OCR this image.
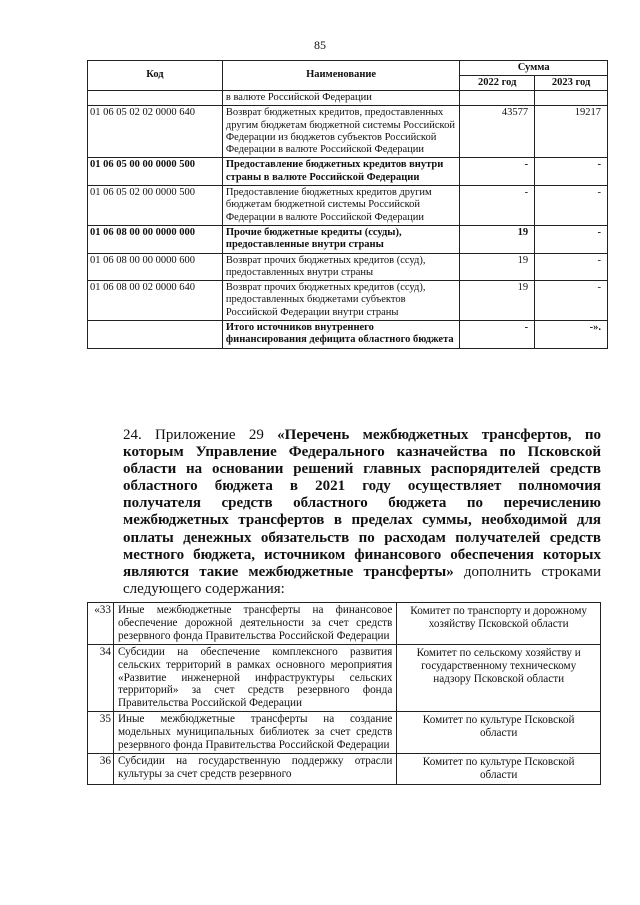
85
Код	Наименование	Сумма	
		2022 год	2023 год
	в валюте Российской Федерации		
01 06 05 02 02 0000 640	Возврат бюджетных кредитов, предоставленных другим бюджетам бюджетной системы Российской Федерации из бюджетов субъектов Российской Федерации в валюте Российской Федерации	43577	19217
01 06 05 00 00 0000 500	Предоставление бюджетных кредитов внутри страны в валюте Российской Федерации	-	-
01 06 05 02 00 0000 500	Предоставление бюджетных кредитов другим бюджетам бюджетной системы Российской Федерации в валюте Российской Федерации	-	-
01 06 08 00 00 0000 000	Прочие бюджетные кредиты (ссуды), предоставленные внутри страны	19	-
01 06 08 00 00 0000 600	Возврат прочих бюджетных кредитов (ссуд), предоставленных внутри страны	19	-
01 06 08 00 02 0000 640	Возврат прочих бюджетных кредитов (ссуд), предоставленных бюджетами субъектов Российской Федерации внутри страны	19	-
	Итого источников внутреннего финансирования дефицита областного бюджета	-	-».
24. Приложение 29 «Перечень межбюджетных трансфертов, по которым Управление Федерального казначейства по Псковской области на основании решений главных распорядителей средств областного бюджета в 2021 году осуществляет полномочия получателя средств областного бюджета по перечислению межбюджетных трансфертов в пределах суммы, необходимой для оплаты денежных обязательств по расходам получателей средств местного бюджета, источником финансового обеспечения которых являются такие межбюджетные трансферты» дополнить строками следующего содержания:
«33	Иные межбюджетные трансферты на финансовое обеспечение дорожной деятельности за счет средств резервного фонда Правительства Российской Федерации	Комитет по транспорту и дорожному хозяйству Псковской области
34	Субсидии на обеспечение комплексного развития сельских территорий в рамках основного мероприятия «Развитие инженерной инфраструктуры сельских территорий» за счет средств резервного фонда Правительства Российской Федерации	Комитет по сельскому хозяйству и государственному техническому надзору Псковской области
35	Иные межбюджетные трансферты на создание модельных муниципальных библиотек за счет средств резервного фонда Правительства Российской Федерации	Комитет по культуре Псковской области
36	Субсидии на государственную поддержку отрасли культуры за счет средств резервного	Комитет по культуре Псковской области
